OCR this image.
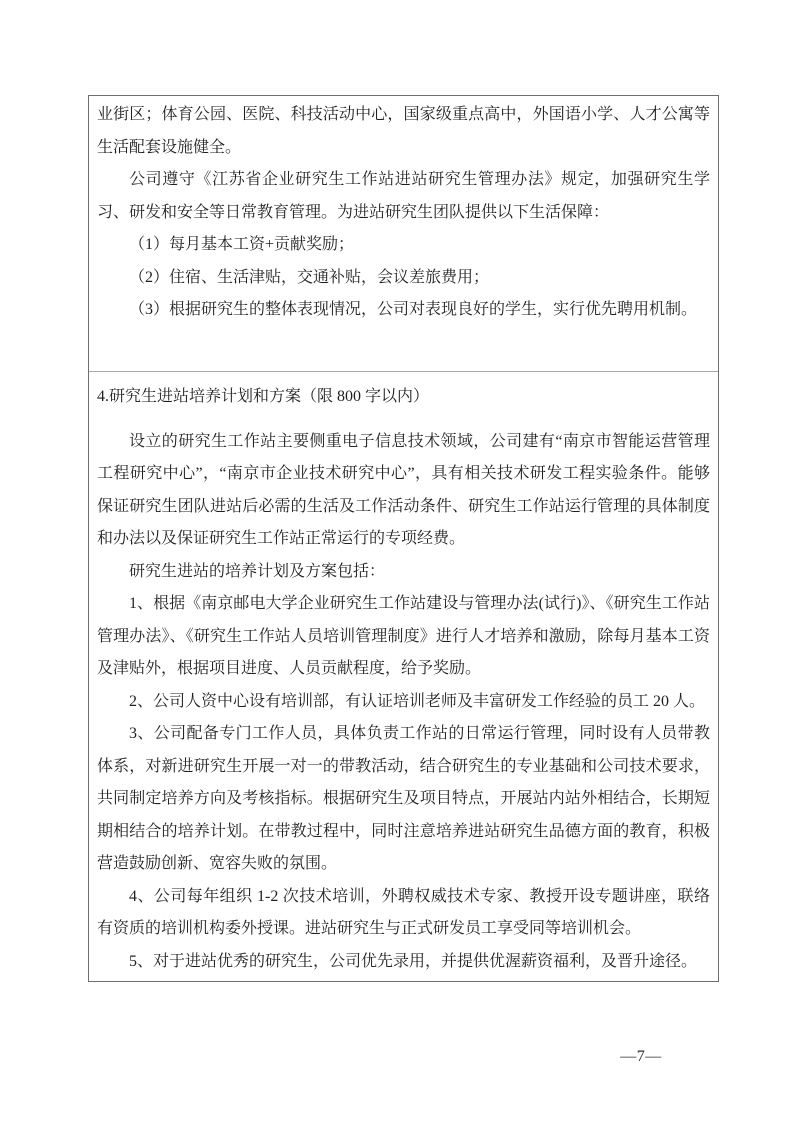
业街区；体育公园、医院、科技活动中心，国家级重点高中，外国语小学、人才公寓等生活配套设施健全。

公司遵守《江苏省企业研究生工作站进站研究生管理办法》规定，加强研究生学习、研发和安全等日常教育管理。为进站研究生团队提供以下生活保障：

（1）每月基本工资+贡献奖励；

（2）住宿、生活津贴，交通补贴，会议差旅费用；

（3）根据研究生的整体表现情况，公司对表现良好的学生，实行优先聘用机制。

4.研究生进站培养计划和方案（限 800 字以内）

设立的研究生工作站主要侧重电子信息技术领域，公司建有“南京市智能运营管理工程研究中心”，“南京市企业技术研究中心”，具有相关技术研发工程实验条件。能够保证研究生团队进站后必需的生活及工作活动条件、研究生工作站运行管理的具体制度和办法以及保证研究生工作站正常运行的专项经费。

研究生进站的培养计划及方案包括：

1、根据《南京邮电大学企业研究生工作站建设与管理办法(试行)》、《研究生工作站管理办法》、《研究生工作站人员培训管理制度》进行人才培养和激励，除每月基本工资及津贴外，根据项目进度、人员贡献程度，给予奖励。

2、公司人资中心设有培训部，有认证培训老师及丰富研发工作经验的员工 20 人。

3、公司配备专门工作人员，具体负责工作站的日常运行管理，同时设有人员带教体系，对新进研究生开展一对一的带教活动，结合研究生的专业基础和公司技术要求，共同制定培养方向及考核指标。根据研究生及项目特点，开展站内站外相结合，长期短期相结合的培养计划。在带教过程中，同时注意培养进站研究生品德方面的教育，积极营造鼓励创新、宽容失败的氛围。

4、公司每年组织 1-2 次技术培训，外聘权威技术专家、教授开设专题讲座，联络有资质的培训机构委外授课。进站研究生与正式研发员工享受同等培训机会。

5、对于进站优秀的研究生，公司优先录用，并提供优渥薪资福利，及晋升途径。

—7—
